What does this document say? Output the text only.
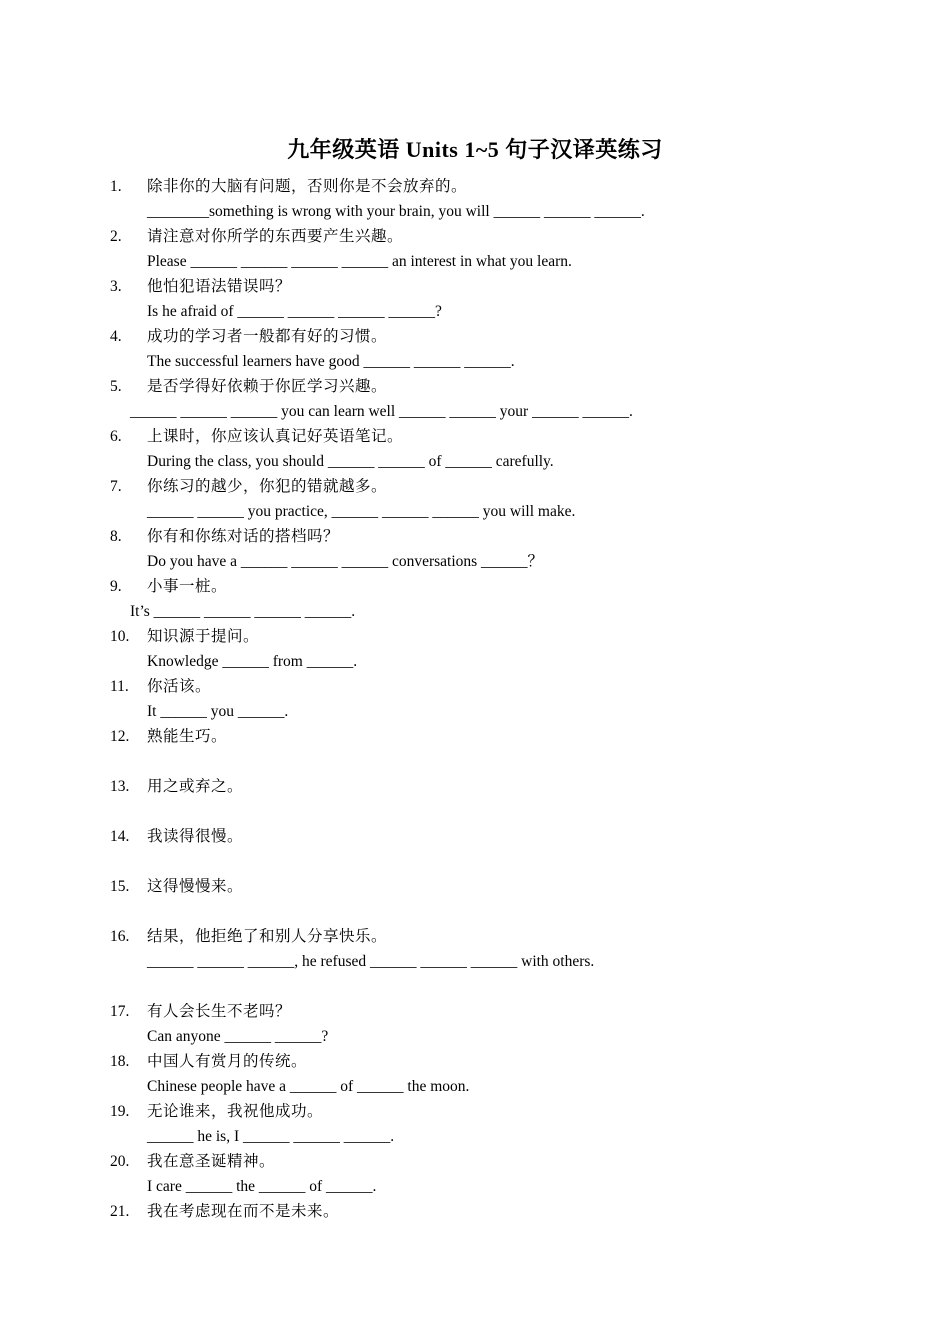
九年级英语 Units 1~5 句子汉译英练习
1.	除非你的大脑有问题，否则你是不会放弃的。
________something is wrong with your brain, you will ______ ______ ______.
2.	请注意对你所学的东西要产生兴趣。
Please ______ ______ ______ ______ an interest in what you learn.
3.	他怕犯语法错误吗？
Is he afraid of ______ ______ ______ ______?
4.	成功的学习者一般都有好的习惯。
The successful learners have good ______ ______ ______.
5.	是否学得好依赖于你匠学习兴趣。
______ ______ ______ you can learn well ______ ______ your ______ ______.
6.	上课时，你应该认真记好英语笔记。
During the class, you should ______ ______ of ______ carefully.
7.	你练习的越少，你犯的错就越多。
______ ______ you practice, ______ ______ ______ you will make.
8.	你有和你练对话的搭档吗？
Do you have a ______ ______ ______ conversations ______？
9.	小事一桩。
It’s ______ ______ ______ ______.
10.	知识源于提问。
Knowledge ______ from ______.
11.	你活该。
It ______ you ______.
12.	熟能生巧。
13.	用之或弃之。
14.	我读得很慢。
15.	这得慢慢来。
16.	结果，他拒绝了和别人分享快乐。
______ ______ ______, he refused ______ ______ ______ with others.
17.	有人会长生不老吗？
Can anyone ______ ______?
18.	中国人有赏月的传统。
Chinese people have a ______ of ______ the moon.
19.	无论谁来，我祝他成功。
______ he is, I ______ ______ ______.
20.	我在意圣诞精神。
I care ______ the ______ of ______.
21.	我在考虑现在而不是未来。
